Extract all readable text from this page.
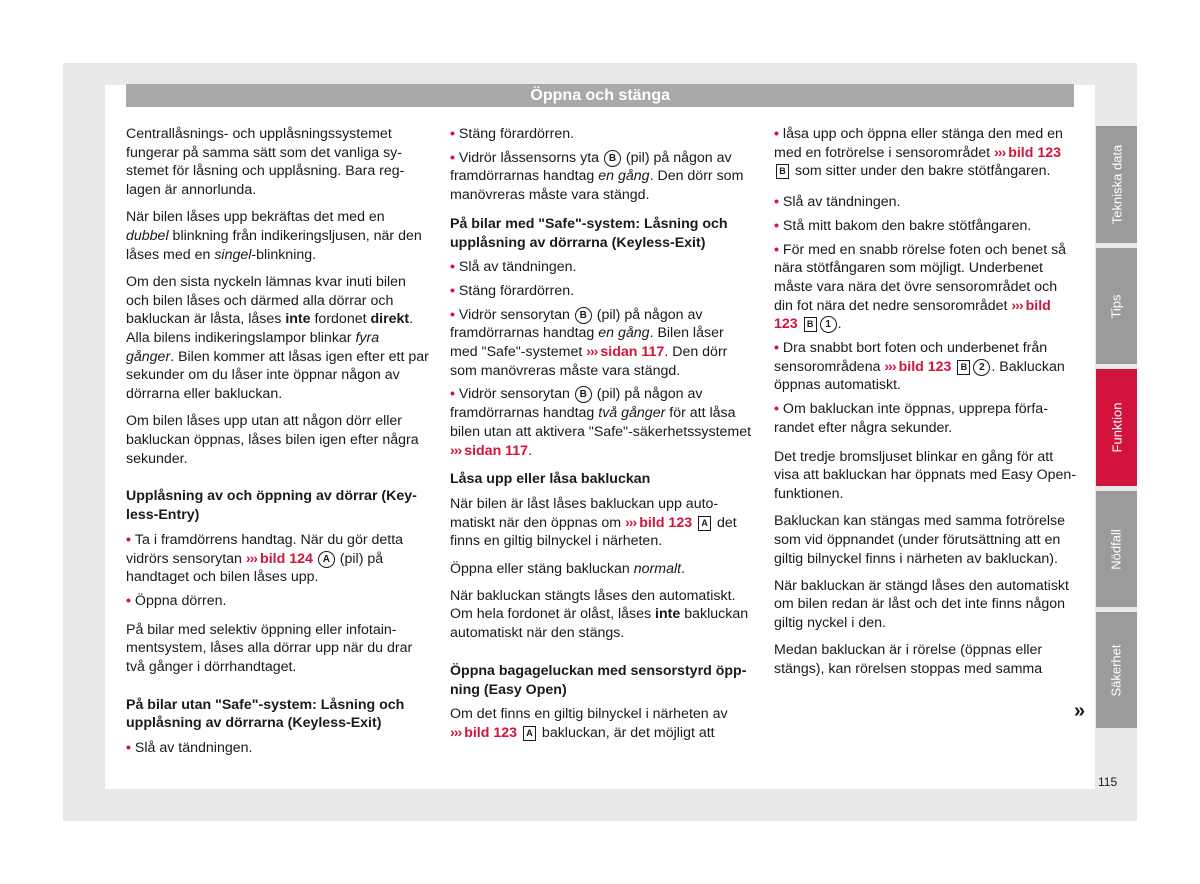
Öppna och stänga

Centrallåsnings- och upplåsningssystemet fungerar på samma sätt som det vanliga systemet för låsning och upplåsning. Bara reglagen är annorlunda.

När bilen låses upp bekräftas det med en dubbel blinkning från indikeringsljusen, när den låses med en singel-blinkning.

Om den sista nyckeln lämnas kvar inuti bilen och bilen låses och därmed alla dörrar och bakluckan är låsta, låses inte fordonet direkt. Alla bilens indikeringslampor blinkar fyra gånger. Bilen kommer att låsas igen efter ett par sekunder om du låser inte öppnar någon av dörrarna eller bakluckan.

Om bilen låses upp utan att någon dörr eller bakluckan öppnas, låses bilen igen efter några sekunder.

Upplåsning av och öppning av dörrar (Keyless-Entry)

• Ta i framdörrens handtag. När du gör detta vidrörs sensorytan ››› bild 124 A (pil) på handtaget och bilen låses upp.

• Öppna dörren.

På bilar med selektiv öppning eller infotainmentsystem, låses alla dörrar upp när du drar två gånger i dörrhandtaget.

På bilar utan "Safe"-system: Låsning och upplåsning av dörrarna (Keyless-Exit)

• Slå av tändningen.

• Stäng förardörren.

• Vidrör låssensorns yta B (pil) på någon av framdörrarnas handtag en gång. Den dörr som manövreras måste vara stängd.

På bilar med "Safe"-system: Låsning och upplåsning av dörrarna (Keyless-Exit)

• Slå av tändningen.

• Stäng förardörren.

• Vidrör sensorytan B (pil) på någon av framdörrarnas handtag en gång. Bilen låser med "Safe"-systemet ››› sidan 117. Den dörr som manövreras måste vara stängd.

• Vidrör sensorytan B (pil) på någon av framdörrarnas handtag två gånger för att låsa bilen utan att aktivera "Safe"-säkerhetssystemet ››› sidan 117.

Låsa upp eller låsa bakluckan

När bilen är låst låses bakluckan upp automatiskt när den öppnas om ››› bild 123 A det finns en giltig bilnyckel i närheten.

Öppna eller stäng bakluckan normalt.

När bakluckan stängts låses den automatiskt. Om hela fordonet är olåst, låses inte bakluckan automatiskt när den stängs.

Öppna bagageluckan med sensorstyrd öppning (Easy Open)

Om det finns en giltig bilnyckel i närheten av ››› bild 123 A bakluckan, är det möjligt att

• låsa upp och öppna eller stänga den med en med en fotrörelse i sensorområdet ››› bild 123 B som sitter under den bakre stötfångaren.

• Slå av tändningen.

• Stå mitt bakom den bakre stötfångaren.

• För med en snabb rörelse foten och benet så nära stötfångaren som möjligt. Underbenet måste vara nära det övre sensorområdet och din fot nära det nedre sensorområdet ››› bild 123 B 1 .

• Dra snabbt bort foten och underbenet från sensorområdena ››› bild 123 B 2 . Bakluckan öppnas automatiskt.

• Om bakluckan inte öppnas, upprepa förfarandet efter några sekunder.

Det tredje bromsljuset blinkar en gång för att visa att bakluckan har öppnats med Easy Open-funktionen.

Bakluckan kan stängas med samma fotrörelse som vid öppnandet (under förutsättning att en giltig bilnyckel finns i närheten av bakluckan).

När bakluckan är stängd låses den automatiskt om bilen redan är låst och det inte finns någon giltig nyckel i den.

Medan bakluckan är i rörelse (öppnas eller stängs), kan rörelsen stoppas med samma

»
Tekniska data
Tips
Funktion
Nödfall
Säkerhet
115
